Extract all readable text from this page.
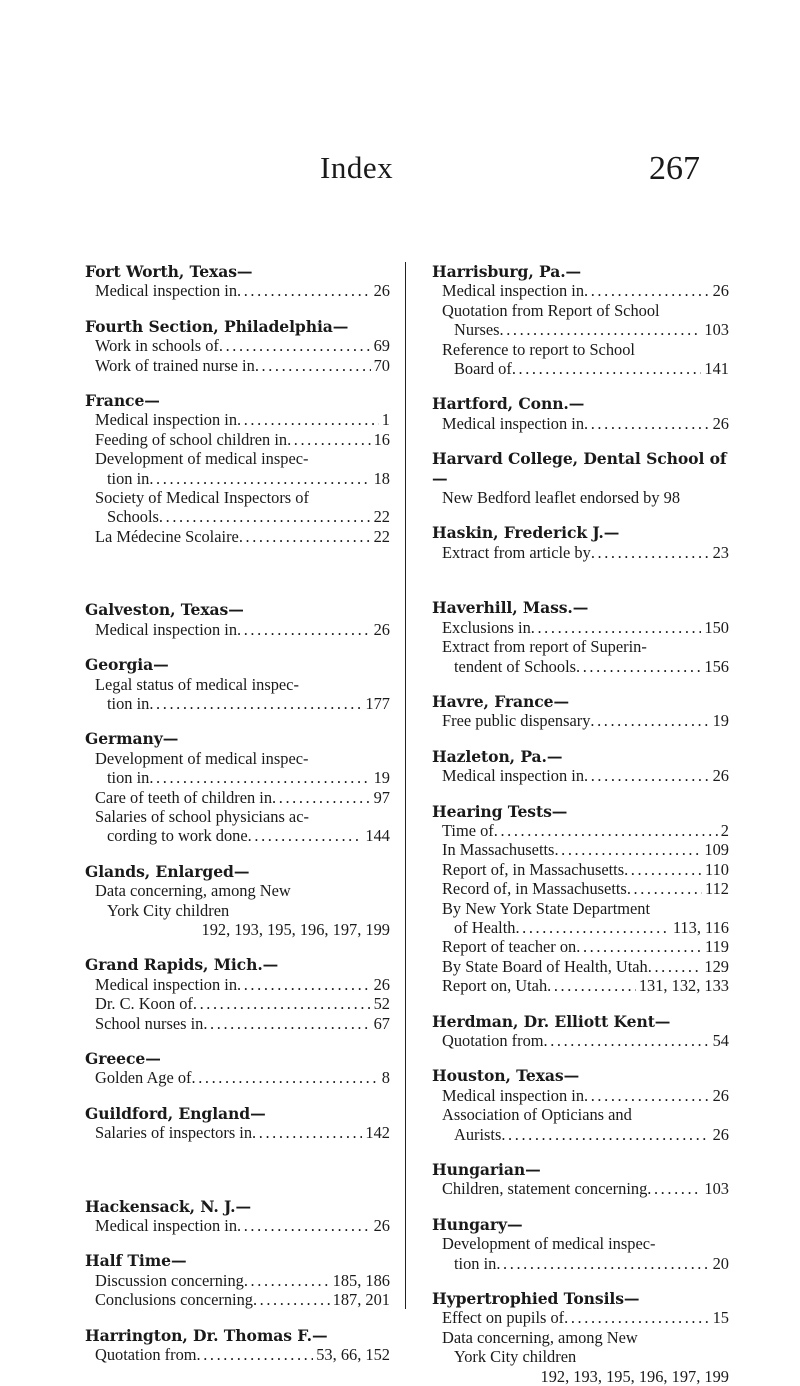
Index	267
Fort Worth, Texas—
Medical inspection in .....	26
Fourth Section, Philadelphia—
Work in schools of .....	69
Work of trained nurse in .....	70
France—
Medical inspection in .....	1
Feeding of school children in .....	16
Development of medical inspec-
tion in .....	18
Society of Medical Inspectors of
Schools .....	22
La Médecine Scolaire .....	22
Galveston, Texas—
Medical inspection in .....	26
Georgia—
Legal status of medical inspec-
tion in .....	177
Germany—
Development of medical inspec-
tion in .....	19
Care of teeth of children in .....	97
Salaries of school physicians ac-
cording to work done .....	144
Glands, Enlarged—
Data concerning, among New
York City children
192, 193, 195, 196, 197, 199
Grand Rapids, Mich.—
Medical inspection in .....	26
Dr. C. Koon of .....	52
School nurses in .....	67
Greece—
Golden Age of .....	8
Guildford, England—
Salaries of inspectors in .....	142
Hackensack, N. J.—
Medical inspection in .....	26
Half Time—
Discussion concerning .....	185, 186
Conclusions concerning .....	187, 201
Harrington, Dr. Thomas F.—
Quotation from .....	53, 66, 152
Harrisburg, Pa.—
Medical inspection in .....	26
Quotation from Report of School
Nurses .....	103
Reference to report to School
Board of .....	141
Hartford, Conn.—
Medical inspection in .....	26
Harvard College, Dental School of—
New Bedford leaflet endorsed by 98
Haskin, Frederick J.—
Extract from article by .....	23
Haverhill, Mass.—
Exclusions in .....	150
Extract from report of Superin-
tendent of Schools .....	156
Havre, France—
Free public dispensary .....	19
Hazleton, Pa.—
Medical inspection in .....	26
Hearing Tests—
Time of .....	2
In Massachusetts .....	109
Report of, in Massachusetts .....	110
Record of, in Massachusetts .....	112
By New York State Department
of Health .....	113, 116
Report of teacher on .....	119
By State Board of Health, Utah .....	129
Report on, Utah .....	131, 132, 133
Herdman, Dr. Elliott Kent—
Quotation from .....	54
Houston, Texas—
Medical inspection in .....	26
Association of Opticians and
Aurists .....	26
Hungarian—
Children, statement concerning .....	103
Hungary—
Development of medical inspec-
tion in .....	20
Hypertrophied Tonsils—
Effect on pupils of .....	15
Data concerning, among New
York City children
192, 193, 195, 196, 197, 199
